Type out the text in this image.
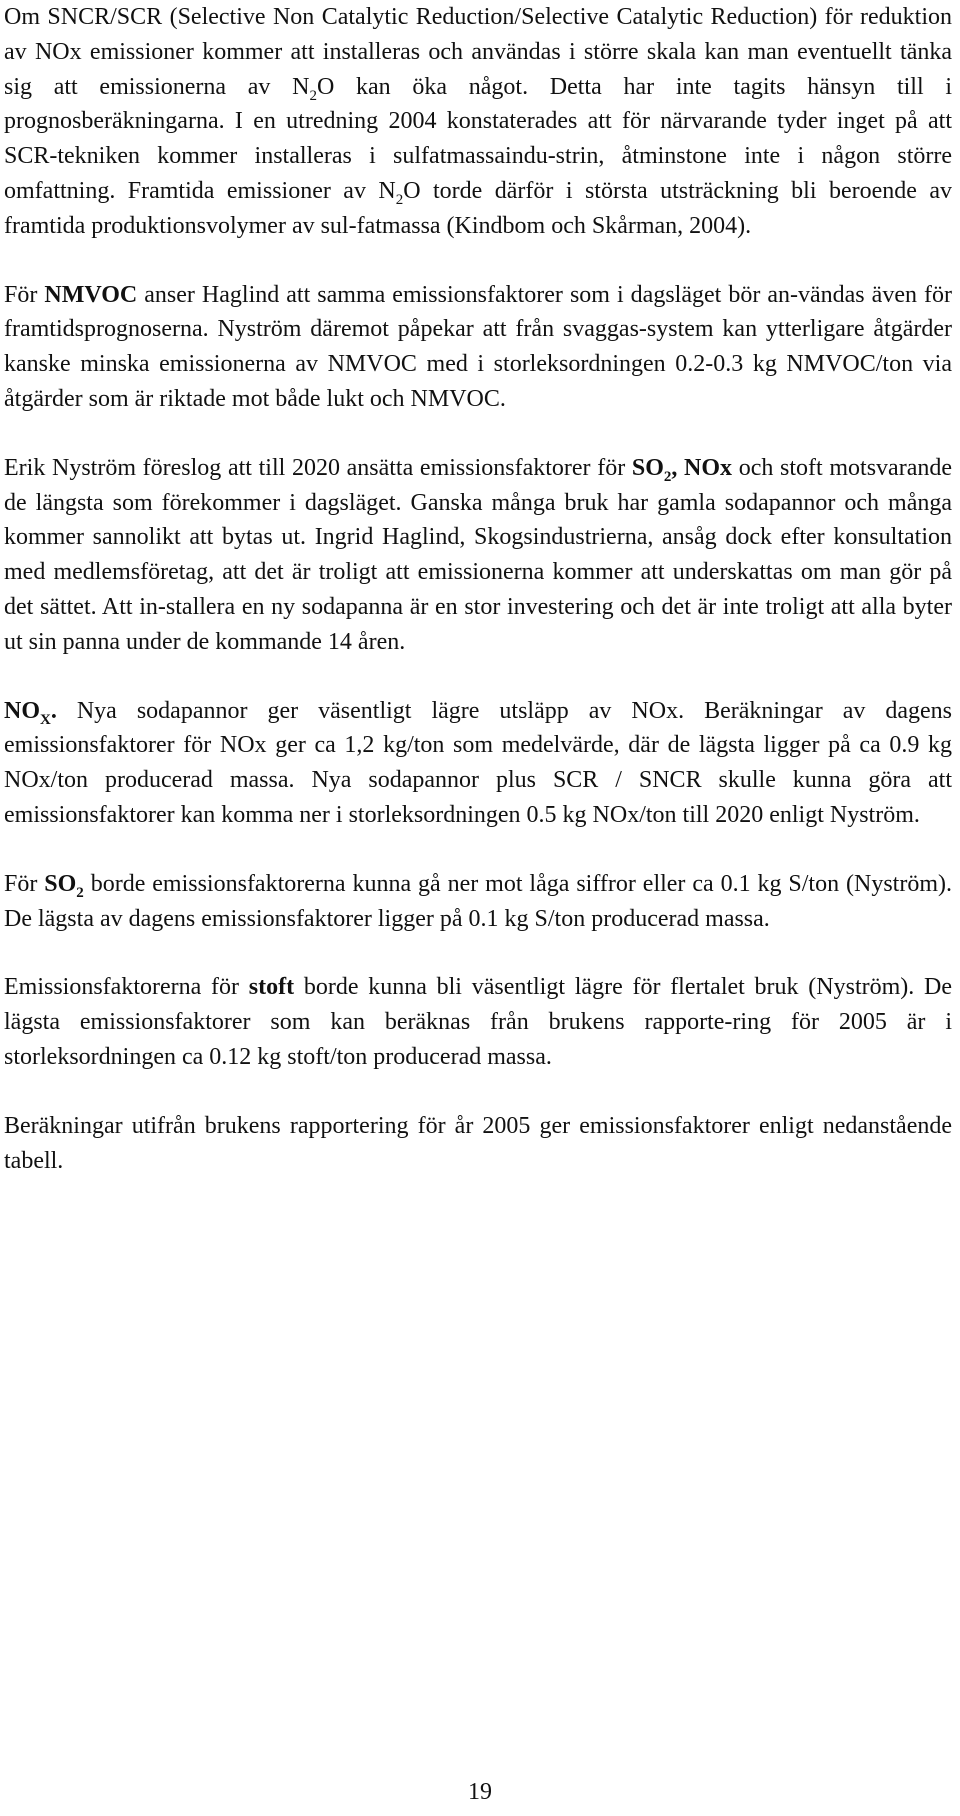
Om SNCR/SCR (Selective Non Catalytic Reduction/Selective Catalytic Reduction) för reduktion av NOx emissioner kommer att installeras och användas i större skala kan man eventuellt tänka sig att emissionerna av $N_2O$ kan öka något. Detta har inte tagits hänsyn till i prognosberäkningarna. I en utredning 2004 konstaterades att för närvarande tyder inget på att SCR-tekniken kommer installeras i sulfatmassaindu-strin, åtminstone inte i någon större omfattning. Framtida emissioner av $N_2O$ torde därför i största utsträckning bli beroende av framtida produktionsvolymer av sul-fatmassa (Kindbom och Skårman, 2004).

För NMVOC anser Haglind att samma emissionsfaktorer som i dagsläget bör an-vändas även för framtidsprognoserna. Nyström däremot påpekar att från svaggas-system kan ytterligare åtgärder kanske minska emissionerna av NMVOC med i storleksordningen 0.2-0.3 kg NMVOC/ton via åtgärder som är riktade mot både lukt och NMVOC.

Erik Nyström föreslog att till 2020 ansätta emissionsfaktorer för $SO_2$, NOx och stoft motsvarande de längsta som förekommer i dagsläget. Ganska många bruk har gamla sodapannor och många kommer sannolikt att bytas ut. Ingrid Haglind, Skogsindustrierna, ansåg dock efter konsultation med medlemsföretag, att det är troligt att emissionerna kommer att underskattas om man gör på det sättet. Att in-stallera en ny sodapanna är en stor investering och det är inte troligt att alla byter ut sin panna under de kommande 14 åren.

$NO_X$. Nya sodapannor ger väsentligt lägre utsläpp av NOx. Beräkningar av dagens emissionsfaktorer för NOx ger ca 1,2 kg/ton som medelvärde, där de lägsta ligger på ca 0.9 kg NOx/ton producerad massa. Nya sodapannor plus SCR / SNCR skulle kunna göra att emissionsfaktorer kan komma ner i storleksordningen 0.5 kg NOx/ton till 2020 enligt Nyström.

För $SO_2$ borde emissionsfaktorerna kunna gå ner mot låga siffror eller ca 0.1 kg S/ton (Nyström). De lägsta av dagens emissionsfaktorer ligger på 0.1 kg S/ton producerad massa.

Emissionsfaktorerna för stoft borde kunna bli väsentligt lägre för flertalet bruk (Nyström). De lägsta emissionsfaktorer som kan beräknas från brukens rapporte-ring för 2005 är i storleksordningen ca 0.12 kg stoft/ton producerad massa.

Beräkningar utifrån brukens rapportering för år 2005 ger emissionsfaktorer enligt nedanstående tabell.

19
